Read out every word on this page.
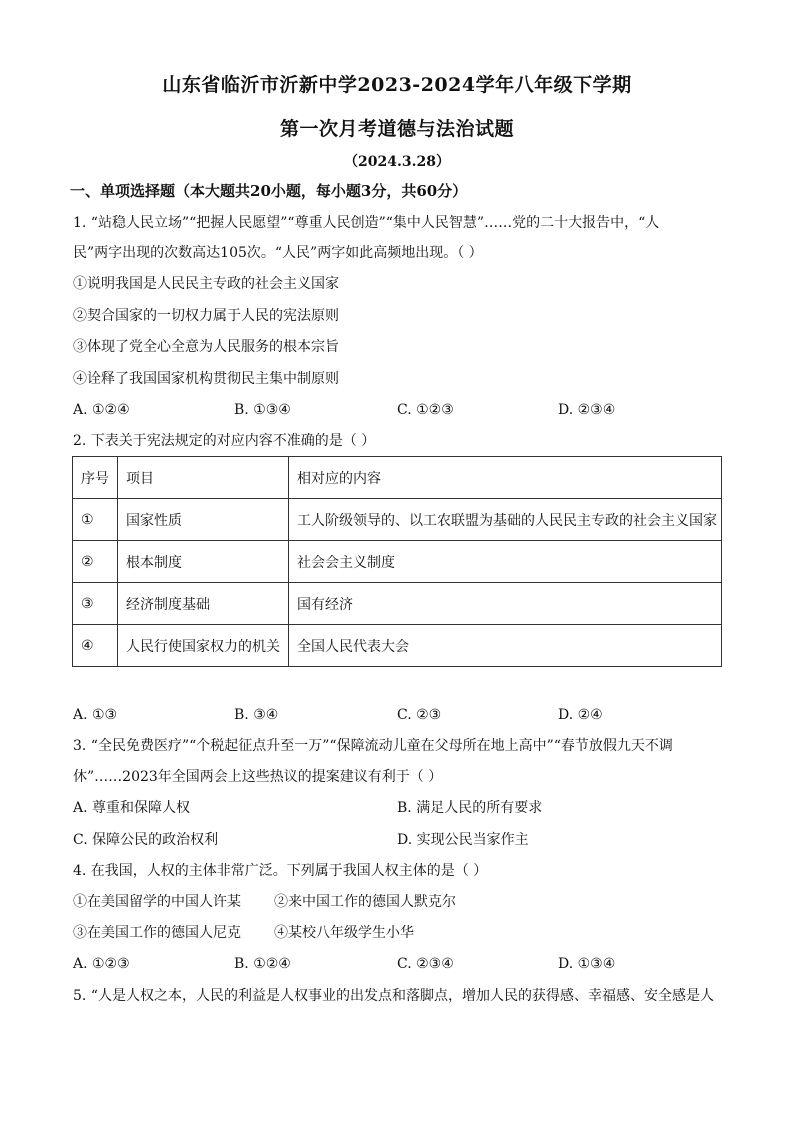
山东省临沂市沂新中学2023-2024学年八年级下学期
第一次月考道德与法治试题
（2024.3.28）
一、单项选择题（本大题共20小题，每小题3分，共60分）
1. “站稳人民立场”“把握人民愿望”“尊重人民创造”“集中人民智慧”……党的二十大报告中，“人
民”两字出现的次数高达105次。“人民”两字如此高频地出现。（ ）
①说明我国是人民民主专政的社会主义国家
②契合国家的一切权力属于人民的宪法原则
③体现了党全心全意为人民服务的根本宗旨
④诠释了我国国家机构贯彻民主集中制原则
A. ①②④	B. ①③④	C. ①②③	D. ②③④
2. 下表关于宪法规定的对应内容不准确的是（ ）
序号	项目	相对应的内容
①	国家性质	工人阶级领导的、以工农联盟为基础的人民民主专政的社会主义国家
②	根本制度	社会会主义制度
③	经济制度基础	国有经济
④	人民行使国家权力的机关	全国人民代表大会
A. ①③	B. ③④	C. ②③	D. ②④
3. “全民免费医疗”“个税起征点升至一万”“保障流动儿童在父母所在地上高中”“春节放假九天不调
休”……2023年全国两会上这些热议的提案建议有利于（ ）
A. 尊重和保障人权	B. 满足人民的所有要求
C. 保障公民的政治权利	D. 实现公民当家作主
4. 在我国，人权的主体非常广泛。下列属于我国人权主体的是（ ）
①在美国留学的中国人许某 ②来中国工作的德国人默克尔
③在美国工作的德国人尼克 ④某校八年级学生小华
A. ①②③	B. ①②④	C. ②③④	D. ①③④
5. “人是人权之本，人民的利益是人权事业的出发点和落脚点，增加人民的获得感、幸福感、安全感是人
